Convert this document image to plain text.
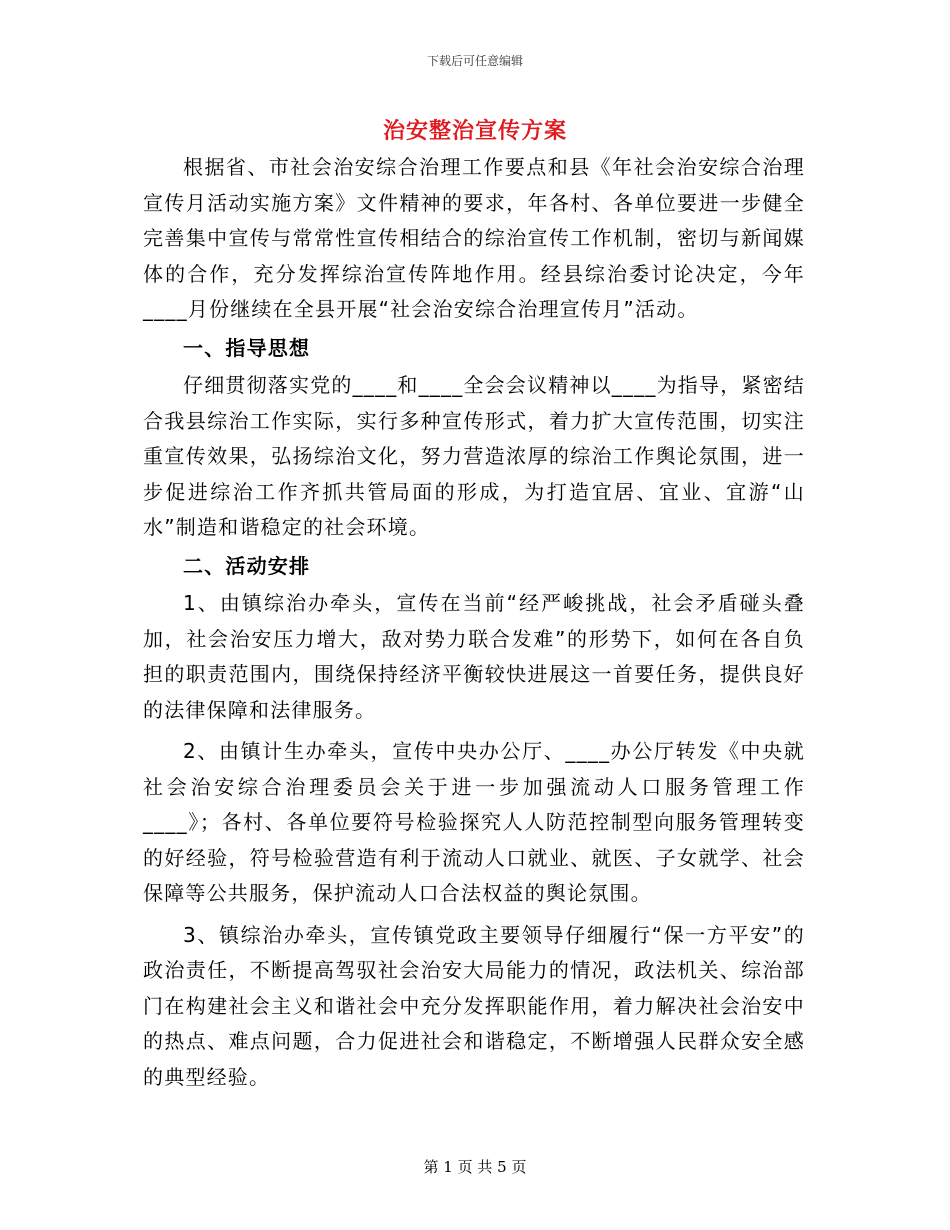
下载后可任意编辑
治安整治宣传方案

根据省、市社会治安综合治理工作要点和县《年社会治安综合治理宣传月活动实施方案》文件精神的要求，年各村、各单位要进一步健全完善集中宣传与常常性宣传相结合的综治宣传工作机制，密切与新闻媒体的合作，充分发挥综治宣传阵地作用。经县综治委讨论决定，今年____月份继续在全县开展“社会治安综合治理宣传月”活动。

一、指导思想

仔细贯彻落实党的____和____全会会议精神以____为指导，紧密结合我县综治工作实际，实行多种宣传形式，着力扩大宣传范围，切实注重宣传效果，弘扬综治文化，努力营造浓厚的综治工作舆论氛围，进一步促进综治工作齐抓共管局面的形成，为打造宜居、宜业、宜游“山水”制造和谐稳定的社会环境。

二、活动安排

1、由镇综治办牵头，宣传在当前“经严峻挑战，社会矛盾碰头叠加，社会治安压力增大，敌对势力联合发难”的形势下，如何在各自负担的职责范围内，围绕保持经济平衡较快进展这一首要任务，提供良好的法律保障和法律服务。

2、由镇计生办牵头，宣传中央办公厅、____办公厅转发《中央就社会治安综合治理委员会关于进一步加强流动人口服务管理工作____》；各村、各单位要符号检验探究人人防范控制型向服务管理转变的好经验，符号检验营造有利于流动人口就业、就医、子女就学、社会保障等公共服务，保护流动人口合法权益的舆论氛围。

3、镇综治办牵头，宣传镇党政主要领导仔细履行“保一方平安”的政治责任，不断提高驾驭社会治安大局能力的情况，政法机关、综治部门在构建社会主义和谐社会中充分发挥职能作用，着力解决社会治安中的热点、难点问题，合力促进社会和谐稳定，不断增强人民群众安全感的典型经验。

第 1 页 共 5 页
